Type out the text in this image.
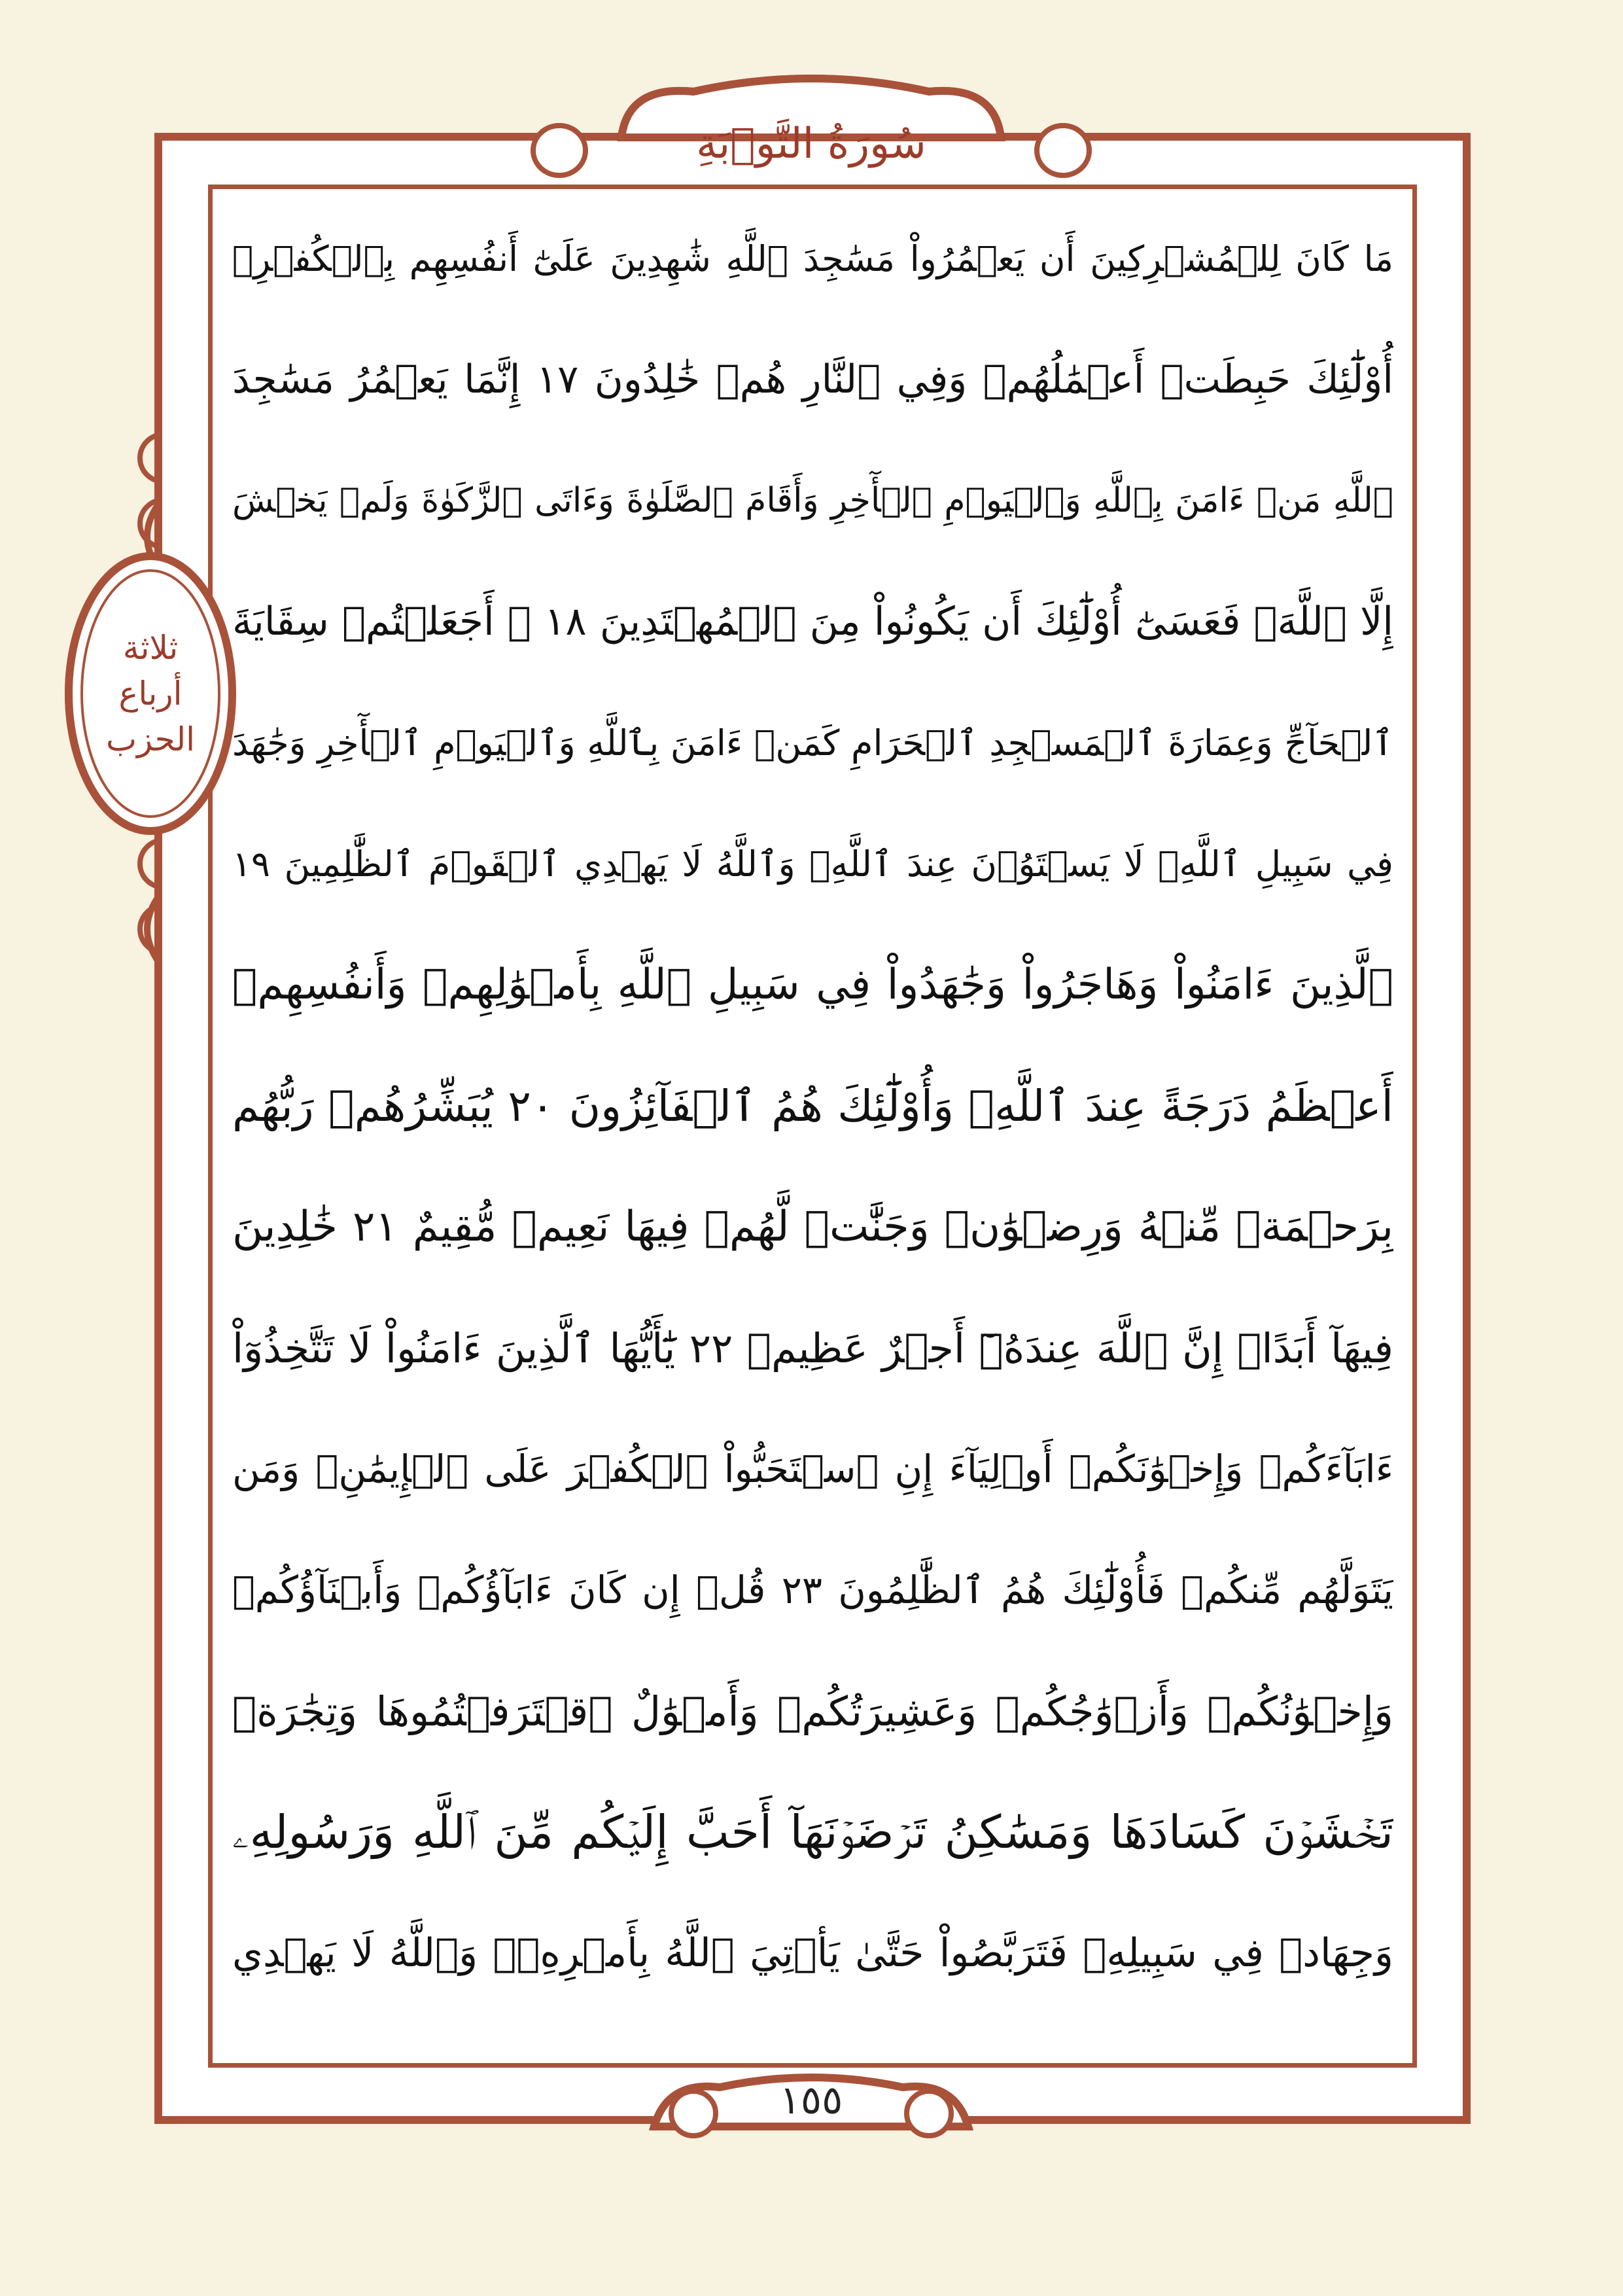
سُورَةُ التَّوۡبَةِ
ثلاثة
أرباع
الحزب
مَا كَانَ لِلۡمُشۡرِكِينَ أَن يَعۡمُرُواْ مَسَٰجِدَ ٱللَّهِ شَٰهِدِينَ عَلَىٰٓ أَنفُسِهِم بِٱلۡكُفۡرِۚ
أُوْلَٰٓئِكَ حَبِطَتۡ أَعۡمَٰلُهُمۡ وَفِي ٱلنَّارِ هُمۡ خَٰلِدُونَ ١٧ إِنَّمَا يَعۡمُرُ مَسَٰجِدَ
ٱللَّهِ مَنۡ ءَامَنَ بِٱللَّهِ وَٱلۡيَوۡمِ ٱلۡأٓخِرِ وَأَقَامَ ٱلصَّلَوٰةَ وَءَاتَى ٱلزَّكَوٰةَ وَلَمۡ يَخۡشَ
إِلَّا ٱللَّهَۖ فَعَسَىٰٓ أُوْلَٰٓئِكَ أَن يَكُونُواْ مِنَ ٱلۡمُهۡتَدِينَ ١٨ ۞ أَجَعَلۡتُمۡ سِقَايَةَ
ٱلۡحَآجِّ وَعِمَارَةَ ٱلۡمَسۡجِدِ ٱلۡحَرَامِ كَمَنۡ ءَامَنَ بِٱللَّهِ وَٱلۡيَوۡمِ ٱلۡأٓخِرِ وَجَٰهَدَ
فِي سَبِيلِ ٱللَّهِۚ لَا يَسۡتَوُۥنَ عِندَ ٱللَّهِۗ وَٱللَّهُ لَا يَهۡدِي ٱلۡقَوۡمَ ٱلظَّٰلِمِينَ ١٩
ٱلَّذِينَ ءَامَنُواْ وَهَاجَرُواْ وَجَٰهَدُواْ فِي سَبِيلِ ٱللَّهِ بِأَمۡوَٰلِهِمۡ وَأَنفُسِهِمۡ
أَعۡظَمُ دَرَجَةً عِندَ ٱللَّهِۚ وَأُوْلَٰٓئِكَ هُمُ ٱلۡفَآئِزُونَ ٢٠ يُبَشِّرُهُمۡ رَبُّهُم
بِرَحۡمَةٖ مِّنۡهُ وَرِضۡوَٰنٖ وَجَنَّٰتٖ لَّهُمۡ فِيهَا نَعِيمٞ مُّقِيمٌ ٢١ خَٰلِدِينَ
فِيهَآ أَبَدًاۚ إِنَّ ٱللَّهَ عِندَهُۥٓ أَجۡرٌ عَظِيمٞ ٢٢ يَٰٓأَيُّهَا ٱلَّذِينَ ءَامَنُواْ لَا تَتَّخِذُوٓاْ
ءَابَآءَكُمۡ وَإِخۡوَٰنَكُمۡ أَوۡلِيَآءَ إِنِ ٱسۡتَحَبُّواْ ٱلۡكُفۡرَ عَلَى ٱلۡإِيمَٰنِۚ وَمَن
يَتَوَلَّهُم مِّنكُمۡ فَأُوْلَٰٓئِكَ هُمُ ٱلظَّٰلِمُونَ ٢٣ قُلۡ إِن كَانَ ءَابَآؤُكُمۡ وَأَبۡنَآؤُكُمۡ
وَإِخۡوَٰنُكُمۡ وَأَزۡوَٰجُكُمۡ وَعَشِيرَتُكُمۡ وَأَمۡوَٰلٌ ٱقۡتَرَفۡتُمُوهَا وَتِجَٰرَةٞ
تَخۡشَوۡنَ كَسَادَهَا وَمَسَٰكِنُ تَرۡضَوۡنَهَآ أَحَبَّ إِلَيۡكُم مِّنَ ٱللَّهِ وَرَسُولِهِۦ
وَجِهَادٖ فِي سَبِيلِهِۦ فَتَرَبَّصُواْ حَتَّىٰ يَأۡتِيَ ٱللَّهُ بِأَمۡرِهِۦۗ وَٱللَّهُ لَا يَهۡدِي
١٥٥
